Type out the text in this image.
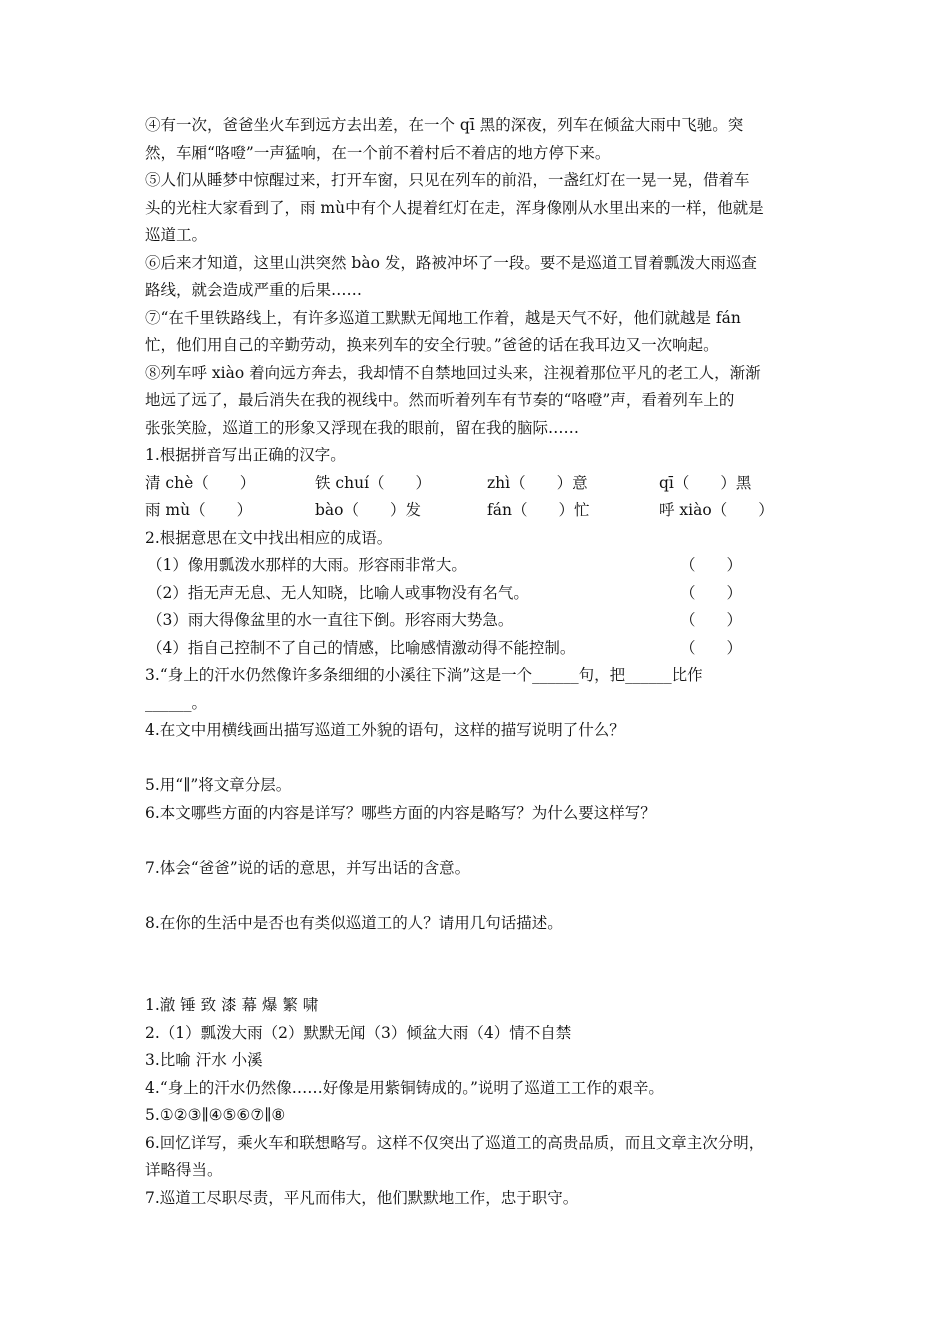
④有一次，爸爸坐火车到远方去出差，在一个 qī 黑的深夜，列车在倾盆大雨中飞驰。突
然，车厢“咯噔”一声猛响，在一个前不着村后不着店的地方停下来。
⑤人们从睡梦中惊醒过来，打开车窗，只见在列车的前沿，一盏红灯在一晃一晃，借着车
头的光柱大家看到了，雨 mù中有个人提着红灯在走，浑身像刚从水里出来的一样，他就是
巡道工。
⑥后来才知道，这里山洪突然 bào 发，路被冲坏了一段。要不是巡道工冒着瓢泼大雨巡查
路线，就会造成严重的后果……
⑦“在千里铁路线上，有许多巡道工默默无闻地工作着，越是天气不好，他们就越是 fán
忙，他们用自己的辛勤劳动，换来列车的安全行驶。”爸爸的话在我耳边又一次响起。
⑧列车呼 xiào 着向远方奔去，我却情不自禁地回过头来，注视着那位平凡的老工人，渐渐
地远了远了，最后消失在我的视线中。然而听着列车有节奏的“咯噔”声，看着列车上的
张张笑脸，巡道工的形象又浮现在我的眼前，留在我的脑际……
1.根据拼音写出正确的汉字。
清 chè（　　）	铁 chuí（　　）	zhì（　　）意	qī（　　）黑
雨 mù（　　）	bào（　　）发	fán（　　）忙	呼 xiào（　　）
2.根据意思在文中找出相应的成语。
（1）像用瓢泼水那样的大雨。形容雨非常大。	（　　）
（2）指无声无息、无人知晓，比喻人或事物没有名气。	（　　）
（3）雨大得像盆里的水一直往下倒。形容雨大势急。	（　　）
（4）指自己控制不了自己的情感，比喻感情激动得不能控制。	（　　）
3.“身上的汗水仍然像许多条细细的小溪往下淌”这是一个______句，把______比作
______。
4.在文中用横线画出描写巡道工外貌的语句，这样的描写说明了什么？
5.用“∥”将文章分层。
6.本文哪些方面的内容是详写？哪些方面的内容是略写？为什么要这样写？
7.体会“爸爸”说的话的意思，并写出话的含意。
8.在你的生活中是否也有类似巡道工的人？请用几句话描述。
1.澈 锤 致 漆 幕 爆 繁 啸
2.（1）瓢泼大雨（2）默默无闻（3）倾盆大雨（4）情不自禁
3.比喻 汗水 小溪
4.“身上的汗水仍然像……好像是用紫铜铸成的。”说明了巡道工工作的艰辛。
5.①②③∥④⑤⑥⑦∥⑧
6.回忆详写，乘火车和联想略写。这样不仅突出了巡道工的高贵品质，而且文章主次分明，
详略得当。
7.巡道工尽职尽责，平凡而伟大，他们默默地工作，忠于职守。
